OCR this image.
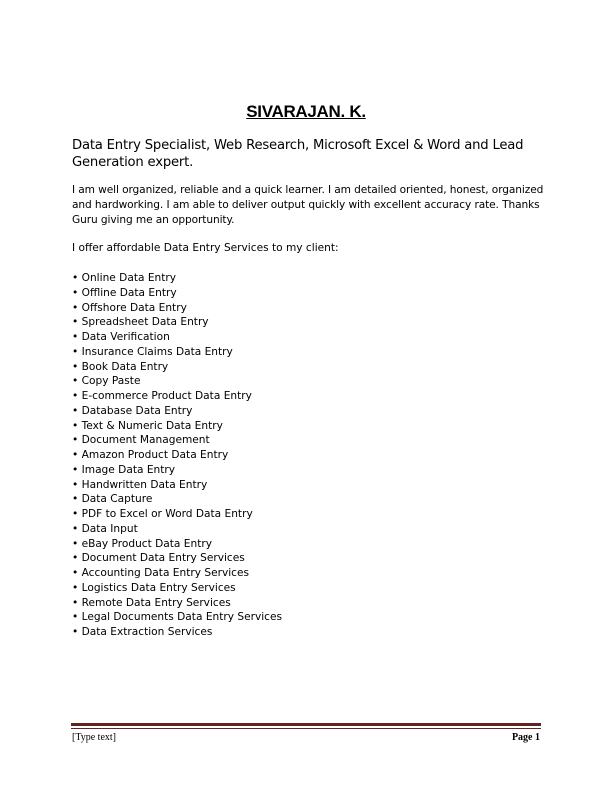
SIVARAJAN. K.
Data Entry Specialist, Web Research, Microsoft Excel & Word and Lead Generation expert.
I am well organized, reliable and a quick learner. I am detailed oriented, honest, organized and hardworking. I am able to deliver output quickly with excellent accuracy rate. Thanks Guru giving me an opportunity.
I offer affordable Data Entry Services to my client:
• Online Data Entry
• Offline Data Entry
• Offshore Data Entry
• Spreadsheet Data Entry
• Data Verification
• Insurance Claims Data Entry
• Book Data Entry
• Copy Paste
• E-commerce Product Data Entry
• Database Data Entry
• Text & Numeric Data Entry
• Document Management
• Amazon Product Data Entry
• Image Data Entry
• Handwritten Data Entry
• Data Capture
• PDF to Excel or Word Data Entry
• Data Input
• eBay Product Data Entry
• Document Data Entry Services
• Accounting Data Entry Services
• Logistics Data Entry Services
• Remote Data Entry Services
• Legal Documents Data Entry Services
• Data Extraction Services
[Type text]	Page 1
